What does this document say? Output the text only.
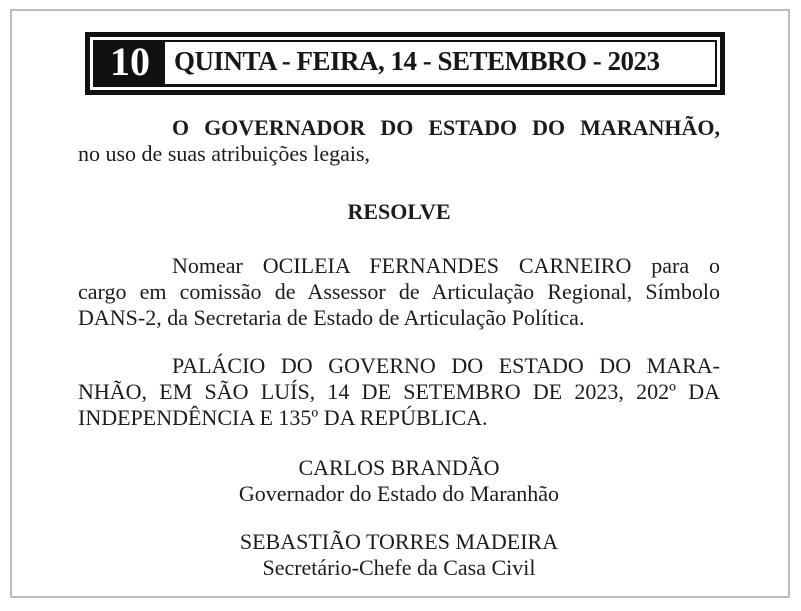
10 QUINTA - FEIRA, 14 - SETEMBRO - 2023
O GOVERNADOR DO ESTADO DO MARANHÃO,
no uso de suas atribuições legais,
RESOLVE
Nomear OCILEIA FERNANDES CARNEIRO para o
cargo em comissão de Assessor de Articulação Regional, Símbolo
DANS-2, da Secretaria de Estado de Articulação Política.
PALÁCIO DO GOVERNO DO ESTADO DO MARA-
NHÃO, EM SÃO LUÍS, 14 DE SETEMBRO DE 2023, 202º DA
INDEPENDÊNCIA E 135º DA REPÚBLICA.
CARLOS BRANDÃO
Governador do Estado do Maranhão
SEBASTIÃO TORRES MADEIRA
Secretário-Chefe da Casa Civil
